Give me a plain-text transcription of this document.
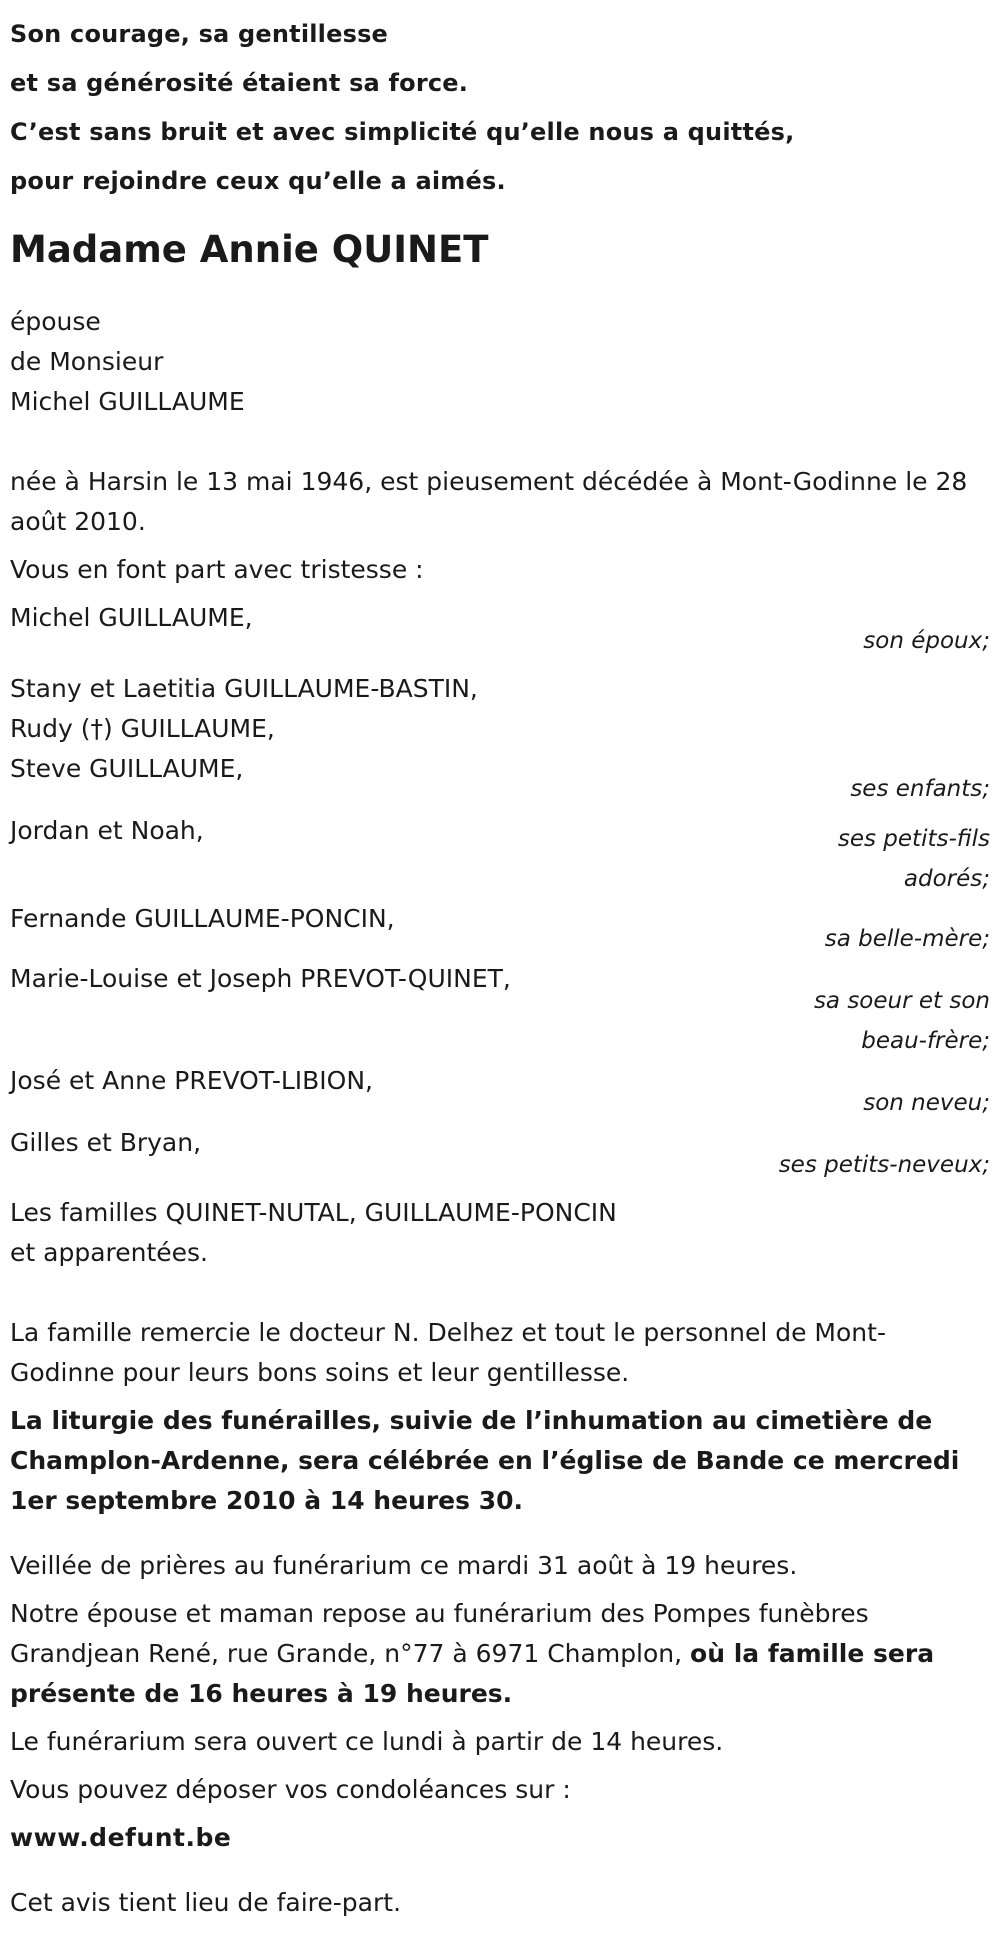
Son courage, sa gentillesse

et sa générosité étaient sa force.

C’est sans bruit et avec simplicité qu’elle nous a quittés,

pour rejoindre ceux qu’elle a aimés.

Madame Annie QUINET

épouse

de Monsieur

Michel GUILLAUME

née à Harsin le 13 mai 1946, est pieusement décédée à Mont-Godinne le 28 août 2010.

Vous en font part avec tristesse :

Michel GUILLAUME,
son époux;
Stany et Laetitia GUILLAUME-BASTIN,
Rudy (†) GUILLAUME,
Steve GUILLAUME,
ses enfants;
Jordan et Noah,	ses petits-fils adorés;
Fernande GUILLAUME-PONCIN,
sa belle-mère;
Marie-Louise et Joseph PREVOT-QUINET,
sa soeur et son beau-frère;
José et Anne PREVOT-LIBION,
son neveu;
Gilles et Bryan,
ses petits-neveux;

Les familles QUINET-NUTAL, GUILLAUME-PONCIN

et apparentées.

La famille remercie le docteur N. Delhez et tout le personnel de Mont-Godinne pour leurs bons soins et leur gentillesse.

La liturgie des funérailles, suivie de l’inhumation au cimetière de Champlon-Ardenne, sera célébrée en l’église de Bande ce mercredi 1er septembre 2010 à 14 heures 30.

Veillée de prières au funérarium ce mardi 31 août à 19 heures.

Notre épouse et maman repose au funérarium des Pompes funèbres Grandjean René, rue Grande, n°77 à 6971 Champlon, où la famille sera présente de 16 heures à 19 heures.

Le funérarium sera ouvert ce lundi à partir de 14 heures.

Vous pouvez déposer vos condoléances sur :

www.defunt.be

Cet avis tient lieu de faire-part.
